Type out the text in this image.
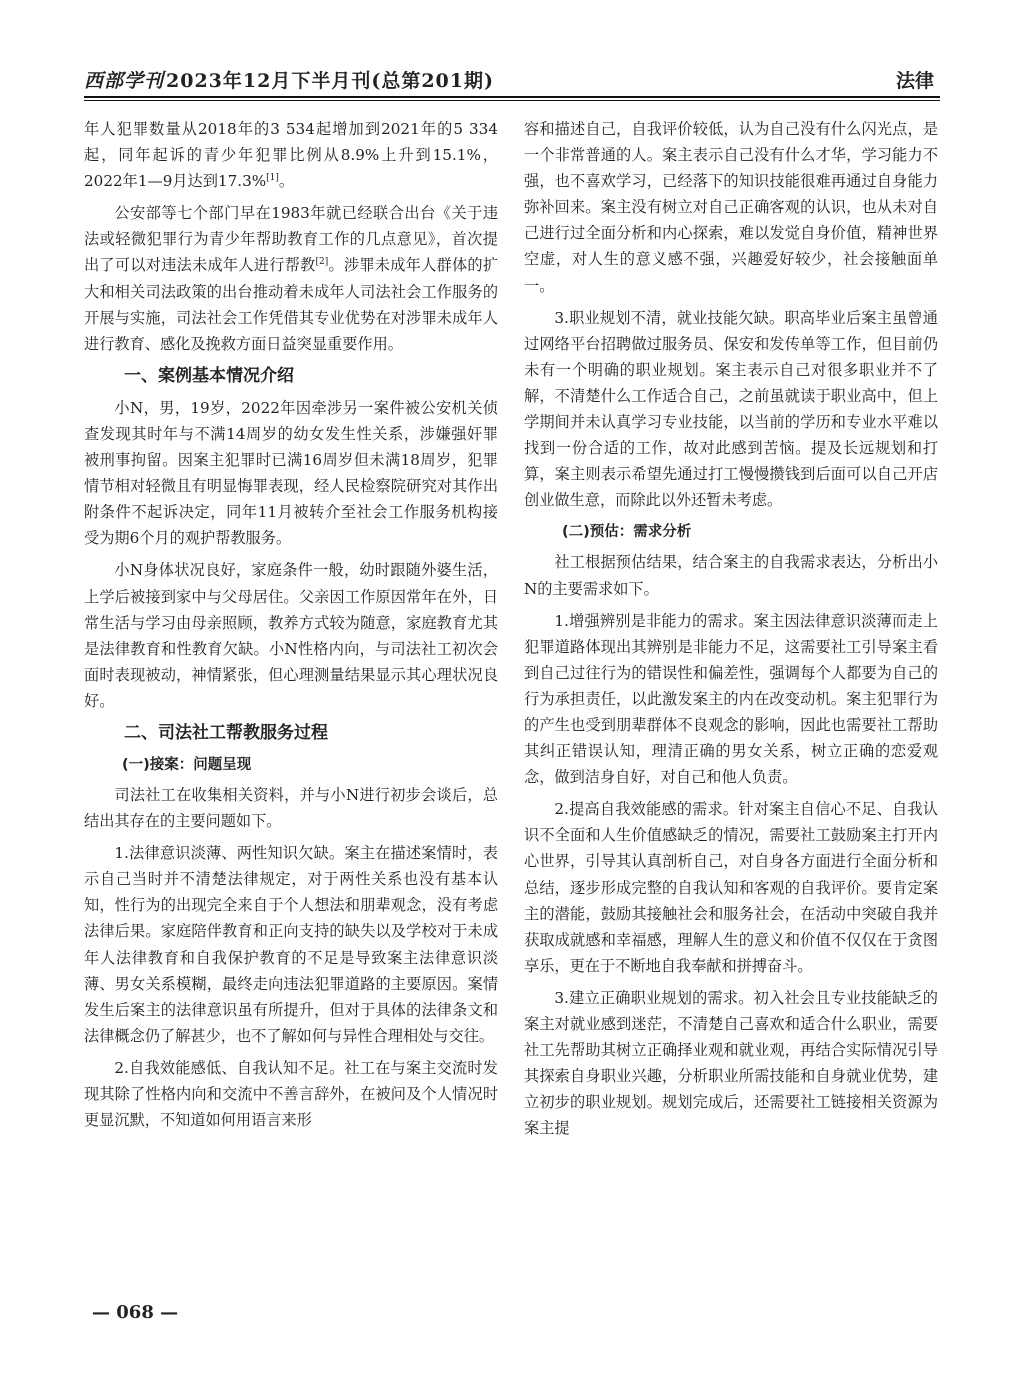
西部学刊 2023年12月下半月刊(总第201期)	法律
年人犯罪数量从2018年的3 534起增加到2021年的5 334起，同年起诉的青少年犯罪比例从8.9%上升到15.1%，2022年1—9月达到17.3%[1]。
公安部等七个部门早在1983年就已经联合出台《关于违法或轻微犯罪行为青少年帮助教育工作的几点意见》，首次提出了可以对违法未成年人进行帮教[2]。涉罪未成年人群体的扩大和相关司法政策的出台推动着未成年人司法社会工作服务的开展与实施，司法社会工作凭借其专业优势在对涉罪未成年人进行教育、感化及挽救方面日益突显重要作用。
一、案例基本情况介绍
小N，男，19岁，2022年因牵涉另一案件被公安机关侦查发现其时年与不满14周岁的幼女发生性关系，涉嫌强奸罪被刑事拘留。因案主犯罪时已满16周岁但未满18周岁，犯罪情节相对轻微且有明显悔罪表现，经人民检察院研究对其作出附条件不起诉决定，同年11月被转介至社会工作服务机构接受为期6个月的观护帮教服务。
小N身体状况良好，家庭条件一般，幼时跟随外婆生活，上学后被接到家中与父母居住。父亲因工作原因常年在外，日常生活与学习由母亲照顾，教养方式较为随意，家庭教育尤其是法律教育和性教育欠缺。小N性格内向，与司法社工初次会面时表现被动，神情紧张，但心理测量结果显示其心理状况良好。
二、司法社工帮教服务过程
(一)接案：问题呈现
司法社工在收集相关资料，并与小N进行初步会谈后，总结出其存在的主要问题如下。
1.法律意识淡薄、两性知识欠缺。案主在描述案情时，表示自己当时并不清楚法律规定，对于两性关系也没有基本认知，性行为的出现完全来自于个人想法和朋辈观念，没有考虑法律后果。家庭陪伴教育和正向支持的缺失以及学校对于未成年人法律教育和自我保护教育的不足是导致案主法律意识淡薄、男女关系模糊，最终走向违法犯罪道路的主要原因。案情发生后案主的法律意识虽有所提升，但对于具体的法律条文和法律概念仍了解甚少，也不了解如何与异性合理相处与交往。
2.自我效能感低、自我认知不足。社工在与案主交流时发现其除了性格内向和交流中不善言辞外，在被问及个人情况时更显沉默，不知道如何用语言来形
容和描述自己，自我评价较低，认为自己没有什么闪光点，是一个非常普通的人。案主表示自己没有什么才华，学习能力不强，也不喜欢学习，已经落下的知识技能很难再通过自身能力弥补回来。案主没有树立对自己正确客观的认识，也从未对自己进行过全面分析和内心探索，难以发觉自身价值，精神世界空虚，对人生的意义感不强，兴趣爱好较少，社会接触面单一。
3.职业规划不清，就业技能欠缺。职高毕业后案主虽曾通过网络平台招聘做过服务员、保安和发传单等工作，但目前仍未有一个明确的职业规划。案主表示自己对很多职业并不了解，不清楚什么工作适合自己，之前虽就读于职业高中，但上学期间并未认真学习专业技能，以当前的学历和专业水平难以找到一份合适的工作，故对此感到苦恼。提及长远规划和打算，案主则表示希望先通过打工慢慢攒钱到后面可以自己开店创业做生意，而除此以外还暂未考虑。
(二)预估：需求分析
社工根据预估结果，结合案主的自我需求表达，分析出小N的主要需求如下。
1.增强辨别是非能力的需求。案主因法律意识淡薄而走上犯罪道路体现出其辨别是非能力不足，这需要社工引导案主看到自己过往行为的错误性和偏差性，强调每个人都要为自己的行为承担责任，以此激发案主的内在改变动机。案主犯罪行为的产生也受到朋辈群体不良观念的影响，因此也需要社工帮助其纠正错误认知，理清正确的男女关系，树立正确的恋爱观念，做到洁身自好，对自己和他人负责。
2.提高自我效能感的需求。针对案主自信心不足、自我认识不全面和人生价值感缺乏的情况，需要社工鼓励案主打开内心世界，引导其认真剖析自己，对自身各方面进行全面分析和总结，逐步形成完整的自我认知和客观的自我评价。要肯定案主的潜能，鼓励其接触社会和服务社会，在活动中突破自我并获取成就感和幸福感，理解人生的意义和价值不仅仅在于贪图享乐，更在于不断地自我奉献和拼搏奋斗。
3.建立正确职业规划的需求。初入社会且专业技能缺乏的案主对就业感到迷茫，不清楚自己喜欢和适合什么职业，需要社工先帮助其树立正确择业观和就业观，再结合实际情况引导其探索自身职业兴趣，分析职业所需技能和自身就业优势，建立初步的职业规划。规划完成后，还需要社工链接相关资源为案主提
— 068 —
